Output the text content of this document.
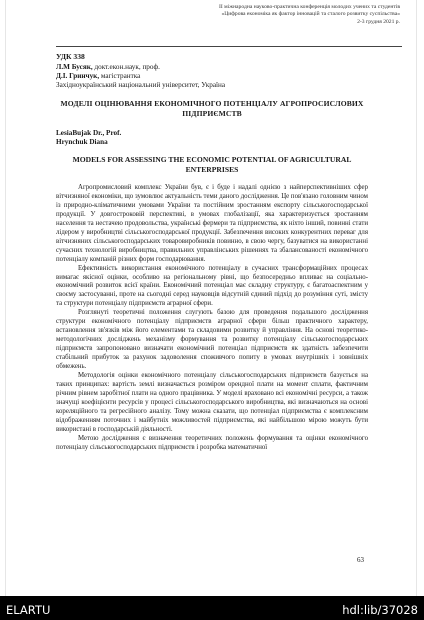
ІІ міжнародна науково-практична конференція молодих учених та студентів
«Цифрова економіка як фактор інновацій та сталого розвитку суспільства»
2-3 грудня 2021 р.
УДК 338
Л.М Бусяк, докт.екон.наук, проф.
Д.І. Гринчук, магістрантка
Західноукраїнський національний університет, Україна
МОДЕЛІ ОЦІНЮВАННЯ ЕКОНОМІЧНОГО ПОТЕНЦІАЛУ АГРОПРОСИСЛОВИХ ПІДПРИЄМСТВ
LesiaBujak Dr., Prof.
Hrynchuk Diana
MODELS FOR ASSESSING THE ECONOMIC POTENTIAL OF AGRICULTURAL ENTERPRISES

Агропромисловий комплекс України був, є і буде і надалі однією з найперспективніших сфер вітчизняної економіки, що зумовлює актуальність теми даного дослідження. Це пов'язано головним чином із природно-кліматичними умовами України та постійним зростанням експорту сільськогосподарської продукції. У довгостроковій перспективі, в умовах глобалізації, яка характеризується зростанням населення та нестачею продовольства, українські фермери та підприємства, як ніхто інший, повинні стати лідером у виробництві сільськогосподарської продукції. Забезпечення високих конкурентних переваг для вітчизняних сільськогосподарських товаровиробників повинно, в свою чергу, базуватися на використанні сучасних технологій виробництва, правильних управлінських рішеннях та збалансованості економічного потенціалу компаній різних форм господарювання.

Ефективність використання економічного потенціалу в сучасних трансформаційних процесах вимагає якісної оцінки, особливо на регіональному рівні, що безпосередньо впливає на соціально-економічний розвиток всієї країни. Економічний потенціал має складну структуру, є багатоаспектним у своєму застосуванні, проте на сьогодні серед науковців відсутній єдиний підхід до розуміння суті, змісту та структури потенціалу підприємств аграрної сфери.

Розглянуті теоретичні положення слугують базою для проведення подальшого дослідження структури економічного потенціалу підприємств аграрної сфери більш практичного характеру, встановлення зв'язків між його елементами та складовими розвитку й управління. На основі теоретико-методологічних досліджень механізму формування та розвитку потенціалу сільськогосподарських підприємств запропоновано визначати економічний потенціал підприємств як здатність забезпечити стабільний прибуток за рахунок задоволення споживчого попиту в умовах внутрішніх і зовнішніх обмежень.

Методологія оцінки економічного потенціалу сільськогосподарських підприємств базується на таких принципах: вартість землі визначається розміром орендної плати на момент сплати, фактичним річним рівнем заробітної плати на одного працівника. У моделі враховано всі економічні ресурси, а також значущі коефіцієнти ресурсів у процесі сільськогосподарського виробництва, які визначаються на основі кореляційного та регресійного аналізу. Тому можна сказати, що потенціал підприємства є комплексним відображенням поточних і майбутніх можливостей підприємства, які найбільшою мірою можуть бути використані в господарській діяльності.

Метою дослідження є визначення теоретичних положень формування та оцінки економічного потенціалу сільськогосподарських підприємств і розробка математичної

63
ELARTU	hdl:lib/37028
